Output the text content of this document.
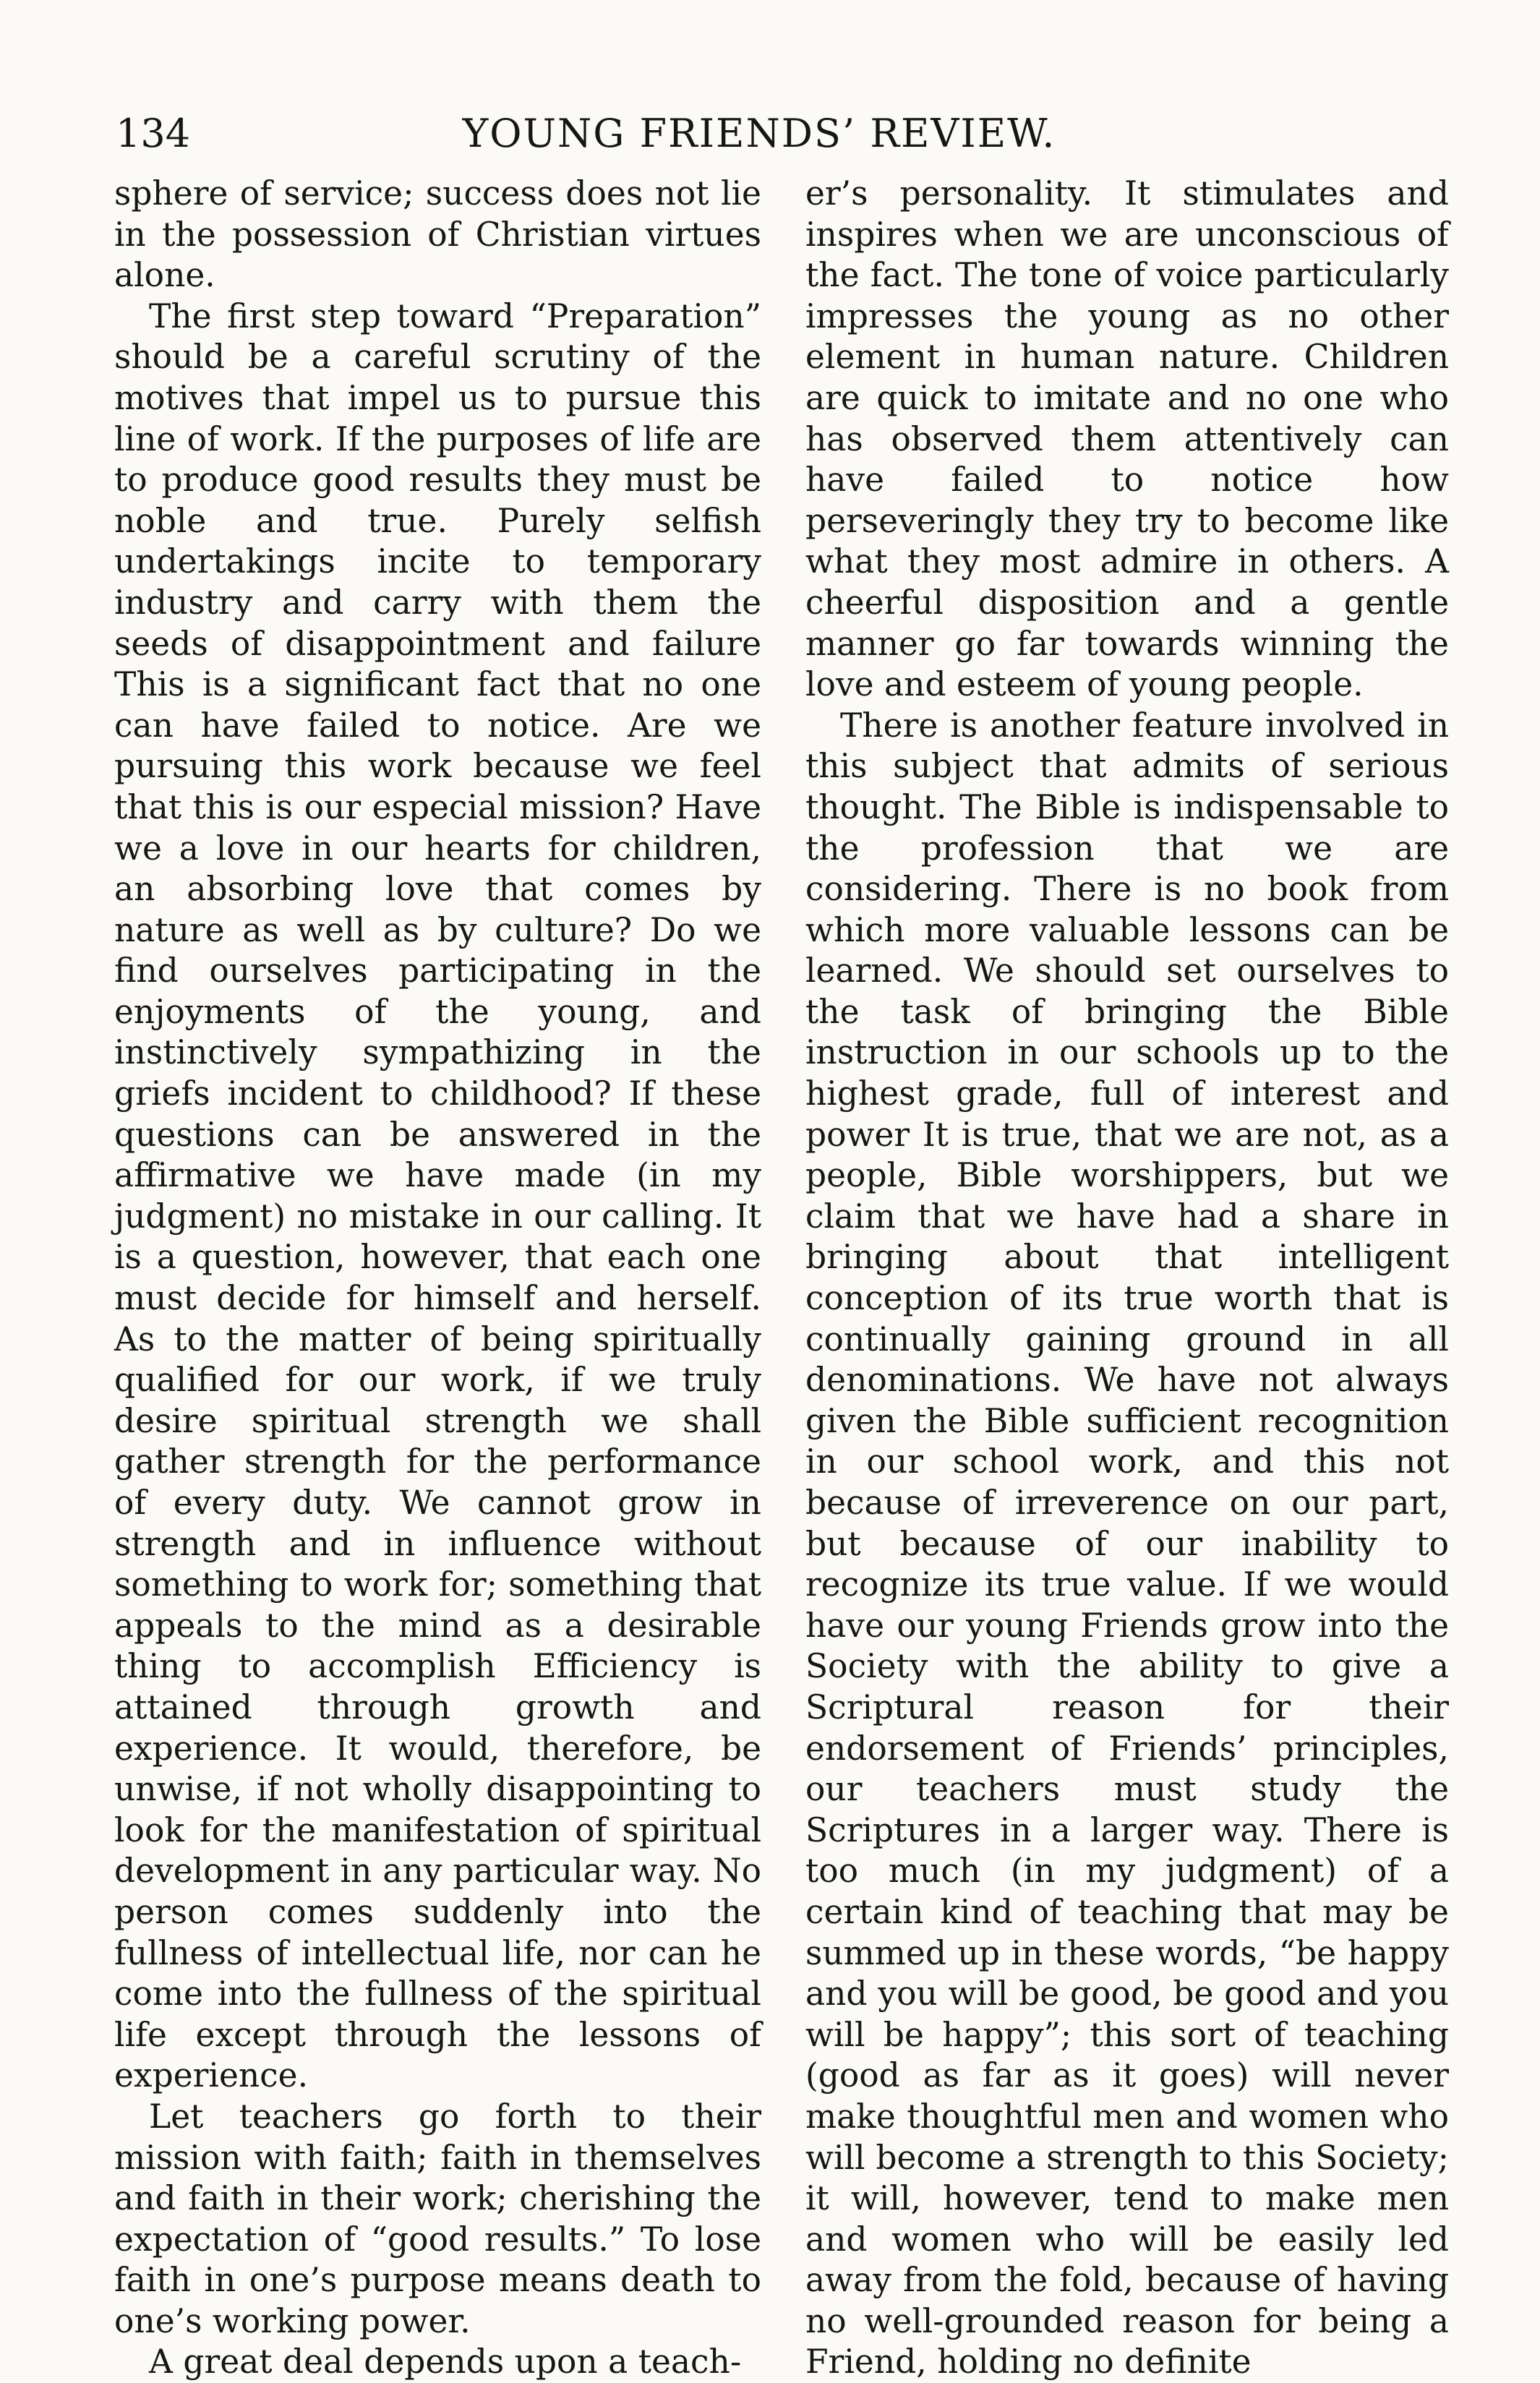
134	YOUNG FRIENDS’ REVIEW.

sphere of service; success does not lie in the possession of Christian virtues alone.

The first step toward “Preparation” should be a careful scrutiny of the motives that impel us to pursue this line of work. If the purposes of life are to produce good results they must be noble and true. Purely selfish undertakings incite to temporary industry and carry with them the seeds of disappointment and failure This is a significant fact that no one can have failed to notice. Are we pursuing this work because we feel that this is our especial mission? Have we a love in our hearts for children, an absorbing love that comes by nature as well as by culture? Do we find ourselves participating in the enjoyments of the young, and instinctively sympathizing in the griefs incident to childhood? If these questions can be answered in the affirmative we have made (in my judgment) no mistake in our calling. It is a question, however, that each one must decide for himself and herself. As to the matter of being spiritually qualified for our work, if we truly desire spiritual strength we shall gather strength for the performance of every duty. We cannot grow in strength and in influence without something to work for; something that appeals to the mind as a desirable thing to accomplish Efficiency is attained through growth and experience. It would, therefore, be unwise, if not wholly disappointing to look for the manifestation of spiritual development in any particular way. No person comes suddenly into the fullness of intellectual life, nor can he come into the fullness of the spiritual life except through the lessons of experience.

Let teachers go forth to their mission with faith; faith in themselves and faith in their work; cherishing the expectation of “good results.” To lose faith in one’s purpose means death to one’s working power.

A great deal depends upon a teach-

er’s personality. It stimulates and inspires when we are unconscious of the fact. The tone of voice particularly impresses the young as no other element in human nature. Children are quick to imitate and no one who has observed them attentively can have failed to notice how perseveringly they try to become like what they most admire in others. A cheerful disposition and a gentle manner go far towards winning the love and esteem of young people.

There is another feature involved in this subject that admits of serious thought. The Bible is indispensable to the profession that we are considering. There is no book from which more valuable lessons can be learned. We should set ourselves to the task of bringing the Bible instruction in our schools up to the highest grade, full of interest and power It is true, that we are not, as a people, Bible worshippers, but we claim that we have had a share in bringing about that intelligent conception of its true worth that is continually gaining ground in all denominations. We have not always given the Bible sufficient recognition in our school work, and this not because of irreverence on our part, but because of our inability to recognize its true value. If we would have our young Friends grow into the Society with the ability to give a Scriptural reason for their endorsement of Friends’ principles, our teachers must study the Scriptures in a larger way. There is too much (in my judgment) of a certain kind of teaching that may be summed up in these words, “be happy and you will be good, be good and you will be happy”; this sort of teaching (good as far as it goes) will never make thoughtful men and women who will become a strength to this Society; it will, however, tend to make men and women who will be easily led away from the fold, because of having no well-grounded reason for being a Friend, holding no definite
